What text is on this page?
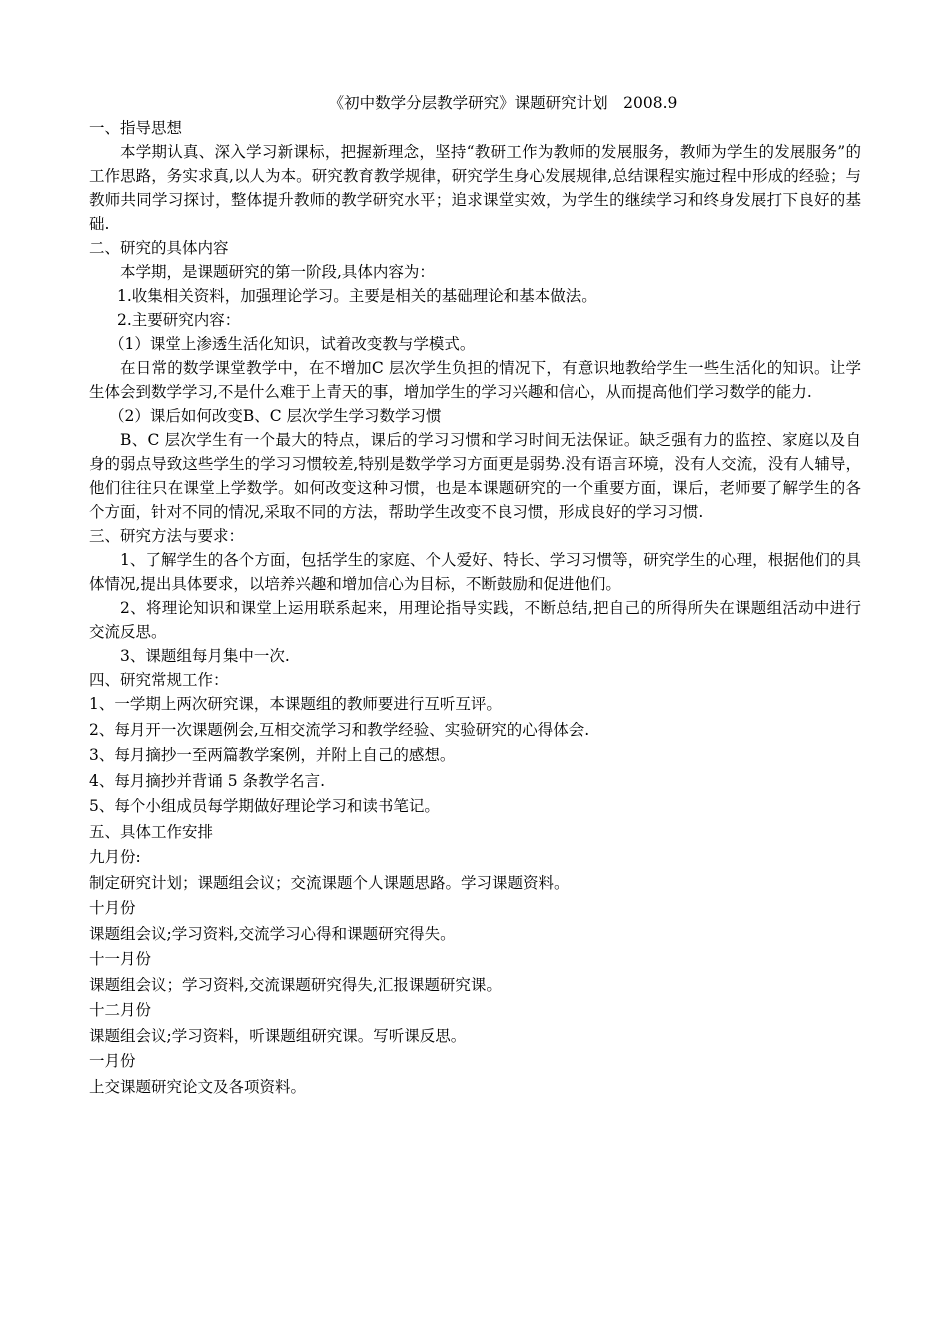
《初中数学分层教学研究》课题研究计划　2008.9

一、指导思想

本学期认真、深入学习新课标，把握新理念，坚持“教研工作为教师的发展服务，教师为学生的发展服务”的工作思路，务实求真,以人为本。研究教育教学规律，研究学生身心发展规律,总结课程实施过程中形成的经验；与教师共同学习探讨，整体提升教师的教学研究水平；追求课堂实效，为学生的继续学习和终身发展打下良好的基础.

二、研究的具体内容

本学期，是课题研究的第一阶段,具体内容为：

1.收集相关资料，加强理论学习。主要是相关的基础理论和基本做法。

2.主要研究内容：

（1）课堂上渗透生活化知识，试着改变教与学模式。

在日常的数学课堂教学中，在不增加C 层次学生负担的情况下，有意识地教给学生一些生活化的知识。让学生体会到数学学习,不是什么难于上青天的事，增加学生的学习兴趣和信心，从而提高他们学习数学的能力.

（2）课后如何改变B、C 层次学生学习数学习惯

B、C 层次学生有一个最大的特点，课后的学习习惯和学习时间无法保证。缺乏强有力的监控、家庭以及自身的弱点导致这些学生的学习习惯较差,特别是数学学习方面更是弱势.没有语言环境，没有人交流，没有人辅导，他们往往只在课堂上学数学。如何改变这种习惯，也是本课题研究的一个重要方面，课后，老师要了解学生的各个方面，针对不同的情况,采取不同的方法，帮助学生改变不良习惯，形成良好的学习习惯.

三、研究方法与要求：

1、了解学生的各个方面，包括学生的家庭、个人爱好、特长、学习习惯等，研究学生的心理，根据他们的具体情况,提出具体要求，以培养兴趣和增加信心为目标，不断鼓励和促进他们。

2、将理论知识和课堂上运用联系起来，用理论指导实践，不断总结,把自己的所得所失在课题组活动中进行交流反思。

3、课题组每月集中一次.

四、研究常规工作：

1、一学期上两次研究课，本课题组的教师要进行互听互评。

2、每月开一次课题例会,互相交流学习和教学经验、实验研究的心得体会.

3、每月摘抄一至两篇教学案例，并附上自己的感想。

4、每月摘抄并背诵 5 条教学名言.

5、每个小组成员每学期做好理论学习和读书笔记。

五、具体工作安排

九月份:

制定研究计划；课题组会议；交流课题个人课题思路。学习课题资料。

十月份

课题组会议;学习资料,交流学习心得和课题研究得失。

十一月份

课题组会议；学习资料,交流课题研究得失,汇报课题研究课。

十二月份

课题组会议;学习资料，听课题组研究课。写听课反思。

一月份

上交课题研究论文及各项资料。
